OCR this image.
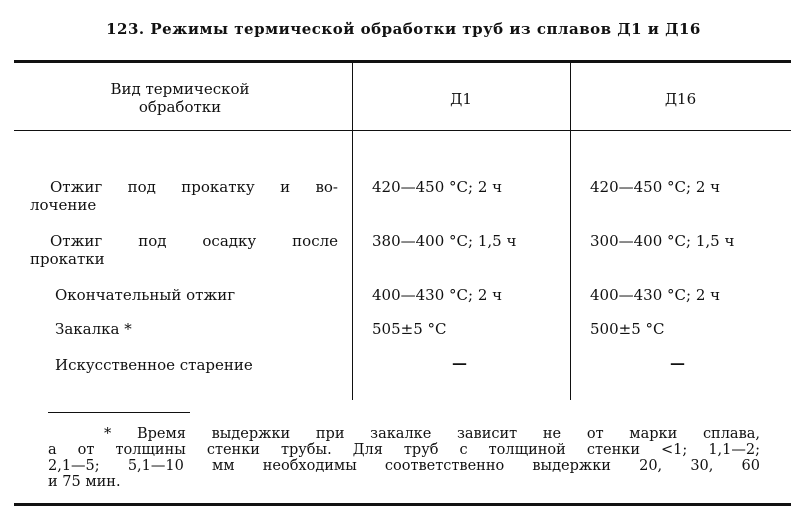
123. Режимы термической обработки труб из сплавов Д1 и Д16
Вид термической
обработки	Д1	Д16
Отжиг под прокатку и во-
лочение
420—450 °С; 2 ч	420—450 °С; 2 ч
Отжиг под осадку после
прокатки
380—400 °С; 1,5 ч	300—400 °С; 1,5 ч
Окончательный отжиг	400—430 °С; 2 ч	400—430 °С; 2 ч
Закалка *	505±5 °С	500±5 °С
Искусственное старение	—	—
* Время выдержки при закалке зависит не от марки сплава,
а от толщины стенки трубы. Для труб с толщиной стенки <1; 1,1—2;
2,1—5; 5,1—10 мм необходимы соответственно выдержки 20, 30, 60
и 75 мин.
